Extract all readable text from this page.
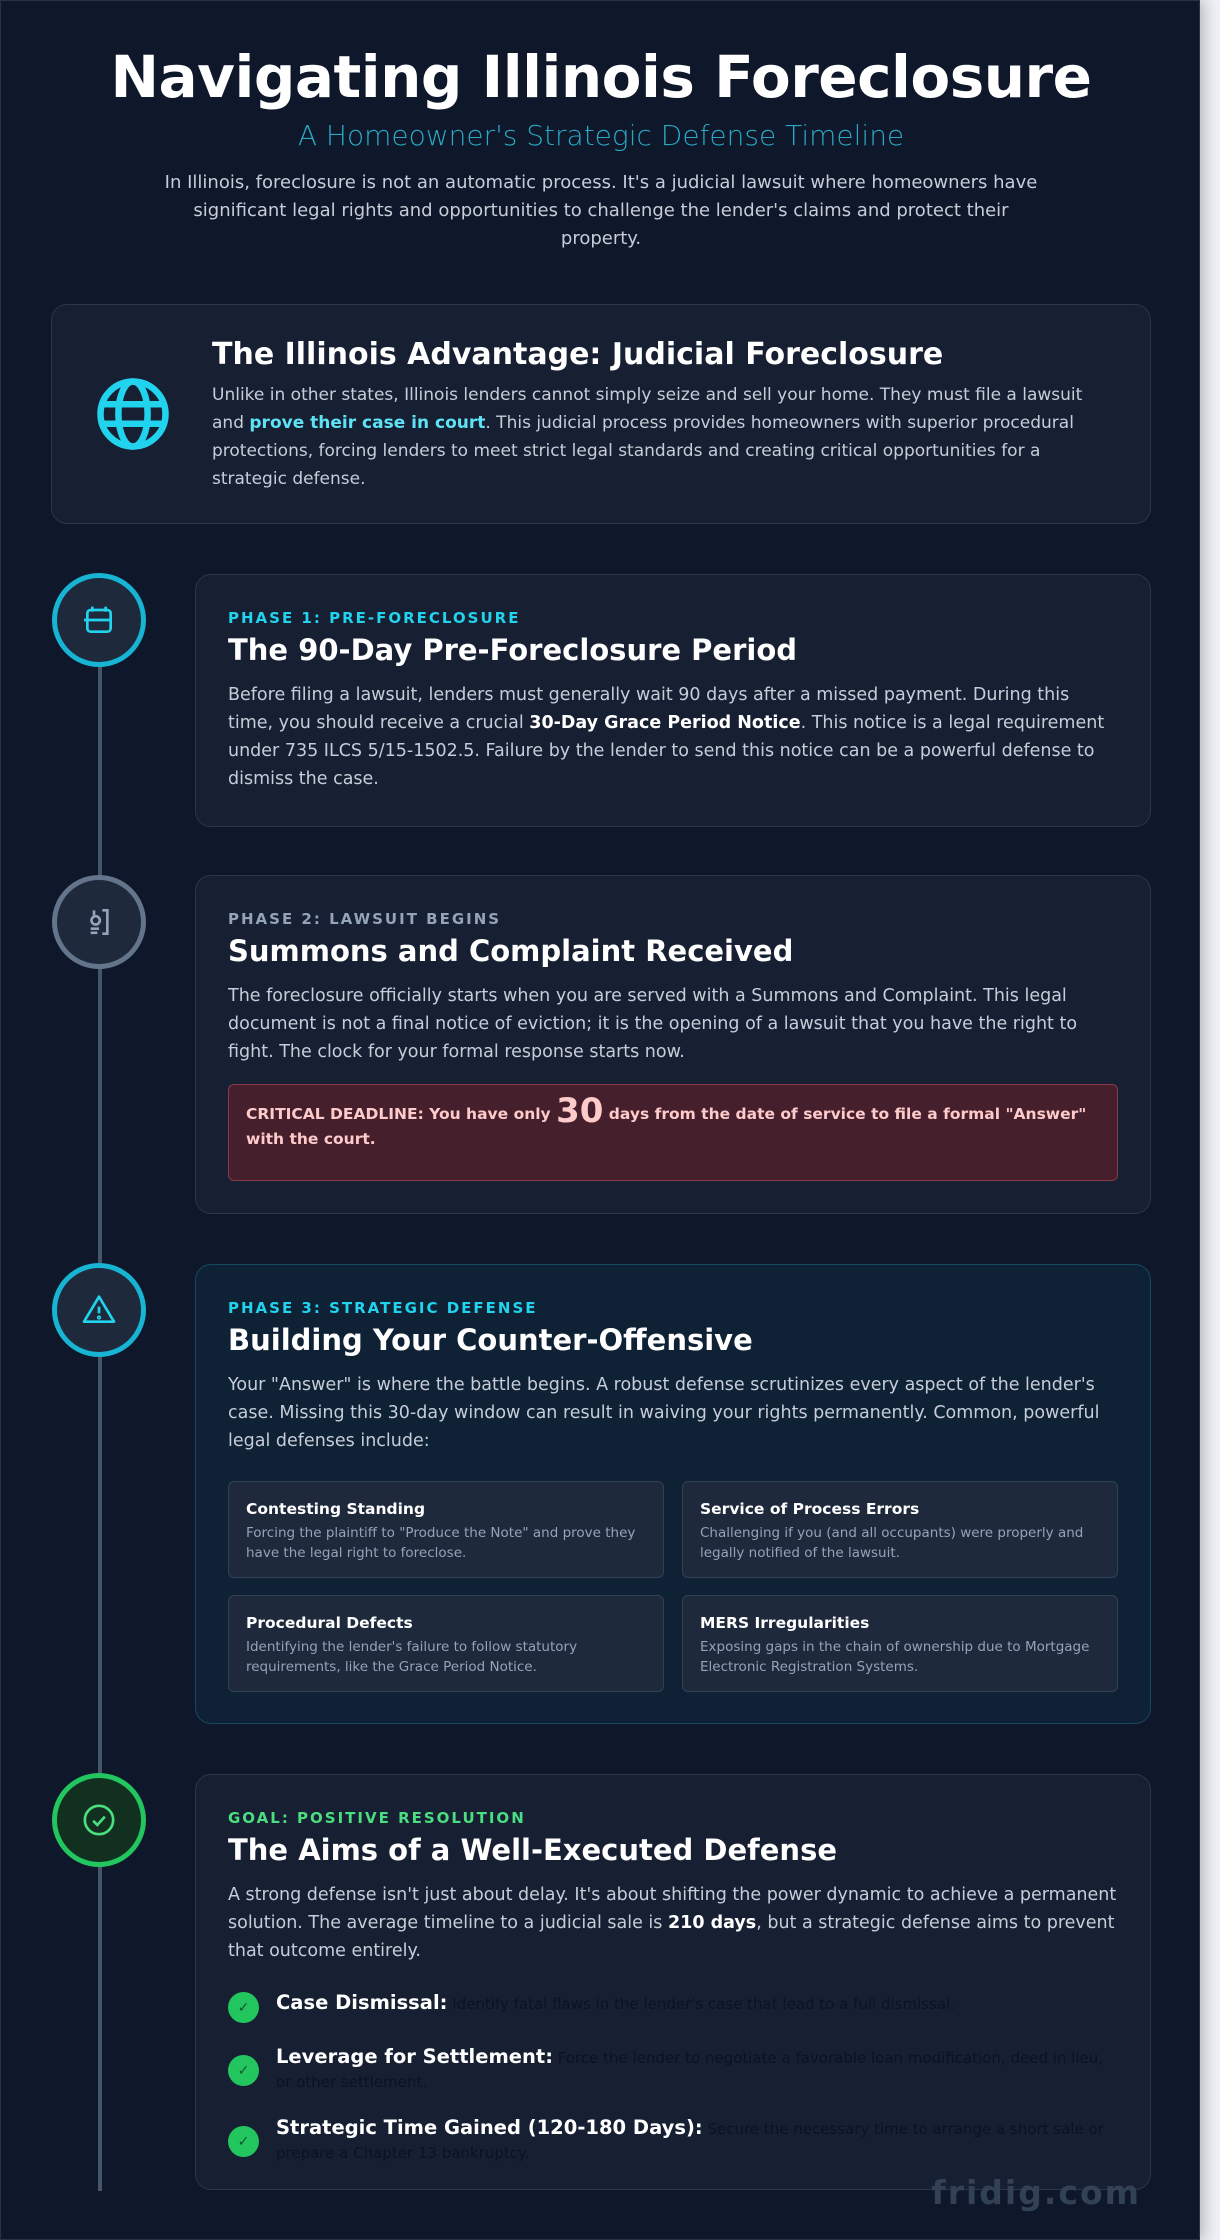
Navigating Illinois Foreclosure
A Homeowner's Strategic Defense Timeline

In Illinois, foreclosure is not an automatic process. It's a judicial lawsuit where homeowners have significant legal rights and opportunities to challenge the lender's claims and protect their property.

The Illinois Advantage: Judicial Foreclosure

Unlike in other states, Illinois lenders cannot simply seize and sell your home. They must file a lawsuit and prove their case in court. This judicial process provides homeowners with superior procedural protections, forcing lenders to meet strict legal standards and creating critical opportunities for a strategic defense.

PHASE 1: PRE-FORECLOSURE
The 90-Day Pre-Foreclosure Period

Before filing a lawsuit, lenders must generally wait 90 days after a missed payment. During this time, you should receive a crucial 30-Day Grace Period Notice. This notice is a legal requirement under 735 ILCS 5/15-1502.5. Failure by the lender to send this notice can be a powerful defense to dismiss the case.

PHASE 2: LAWSUIT BEGINS
Summons and Complaint Received

The foreclosure officially starts when you are served with a Summons and Complaint. This legal document is not a final notice of eviction; it is the opening of a lawsuit that you have the right to fight. The clock for your formal response starts now.

CRITICAL DEADLINE: You have only 30 days from the date of service to file a formal "Answer" with the court.
PHASE 3: STRATEGIC DEFENSE
Building Your Counter-Offensive

Your "Answer" is where the battle begins. A robust defense scrutinizes every aspect of the lender's case. Missing this 30-day window can result in waiving your rights permanently. Common, powerful legal defenses include:

Contesting Standing
Forcing the plaintiff to "Produce the Note" and prove they have the legal right to foreclose.
Service of Process Errors
Challenging if you (and all occupants) were properly and legally notified of the lawsuit.
Procedural Defects
Identifying the lender's failure to follow statutory requirements, like the Grace Period Notice.
MERS Irregularities
Exposing gaps in the chain of ownership due to Mortgage Electronic Registration Systems.
GOAL: POSITIVE RESOLUTION
The Aims of a Well-Executed Defense

A strong defense isn't just about delay. It's about shifting the power dynamic to achieve a permanent solution. The average timeline to a judicial sale is 210 days, but a strategic defense aims to prevent that outcome entirely.

✓	Case Dismissal: Identify fatal flaws in the lender's case that lead to a full dismissal.
✓
Leverage for Settlement: Force the lender to negotiate a favorable loan modification, deed in lieu, or other settlement.
✓
Strategic Time Gained (120-180 Days): Secure the necessary time to arrange a short sale or prepare a Chapter 13 bankruptcy.
fridig.com
